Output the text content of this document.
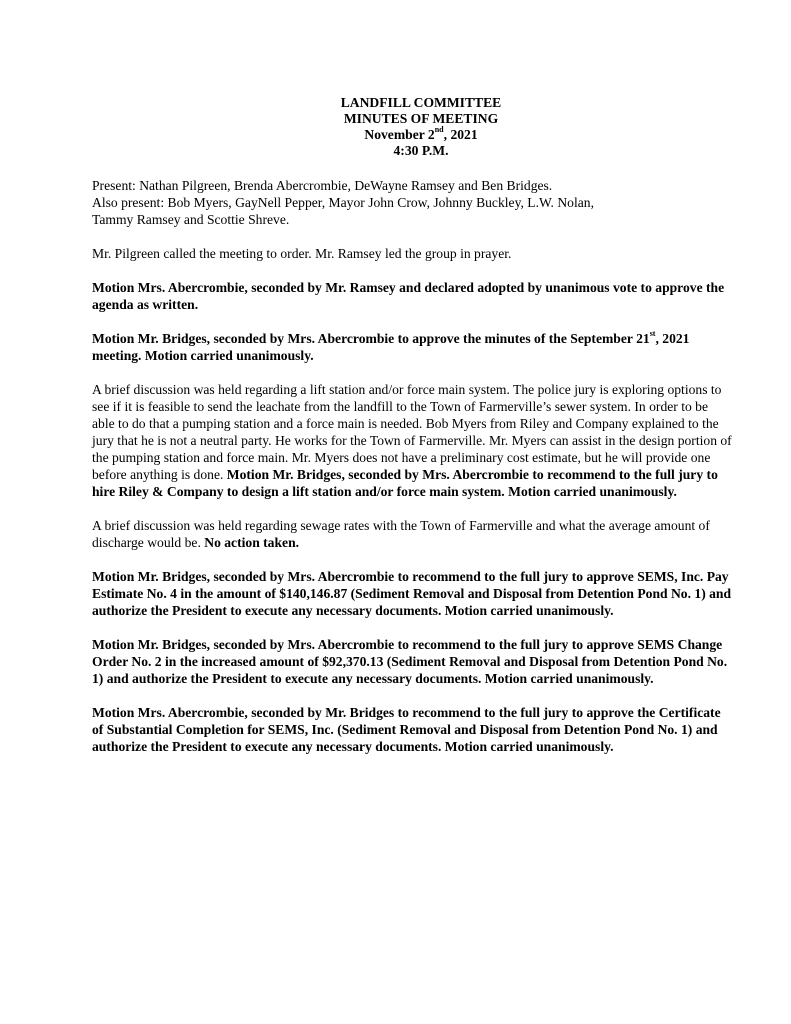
LANDFILL COMMITTEE
MINUTES OF MEETING
November 2nd, 2021
4:30 P.M.
Present: Nathan Pilgreen, Brenda Abercrombie, DeWayne Ramsey and Ben Bridges.
Also present: Bob Myers, GayNell Pepper, Mayor John Crow, Johnny Buckley, L.W. Nolan,
Tammy Ramsey and Scottie Shreve.

Mr. Pilgreen called the meeting to order. Mr. Ramsey led the group in prayer.

Motion Mrs. Abercrombie, seconded by Mr. Ramsey and declared adopted by unanimous vote to approve the agenda as written.

Motion Mr. Bridges, seconded by Mrs. Abercrombie to approve the minutes of the September 21st, 2021 meeting. Motion carried unanimously.

A brief discussion was held regarding a lift station and/or force main system. The police jury is exploring options to see if it is feasible to send the leachate from the landfill to the Town of Farmerville’s sewer system. In order to be able to do that a pumping station and a force main is needed. Bob Myers from Riley and Company explained to the jury that he is not a neutral party. He works for the Town of Farmerville. Mr. Myers can assist in the design portion of the pumping station and force main. Mr. Myers does not have a preliminary cost estimate, but he will provide one before anything is done. Motion Mr. Bridges, seconded by Mrs. Abercrombie to recommend to the full jury to hire Riley & Company to design a lift station and/or force main system. Motion carried unanimously.

A brief discussion was held regarding sewage rates with the Town of Farmerville and what the average amount of discharge would be. No action taken.

Motion Mr. Bridges, seconded by Mrs. Abercrombie to recommend to the full jury to approve SEMS, Inc. Pay Estimate No. 4 in the amount of $140,146.87 (Sediment Removal and Disposal from Detention Pond No. 1) and authorize the President to execute any necessary documents. Motion carried unanimously.

Motion Mr. Bridges, seconded by Mrs. Abercrombie to recommend to the full jury to approve SEMS Change Order No. 2 in the increased amount of $92,370.13 (Sediment Removal and Disposal from Detention Pond No. 1) and authorize the President to execute any necessary documents. Motion carried unanimously.

Motion Mrs. Abercrombie, seconded by Mr. Bridges to recommend to the full jury to approve the Certificate of Substantial Completion for SEMS, Inc. (Sediment Removal and Disposal from Detention Pond No. 1) and authorize the President to execute any necessary documents. Motion carried unanimously.
